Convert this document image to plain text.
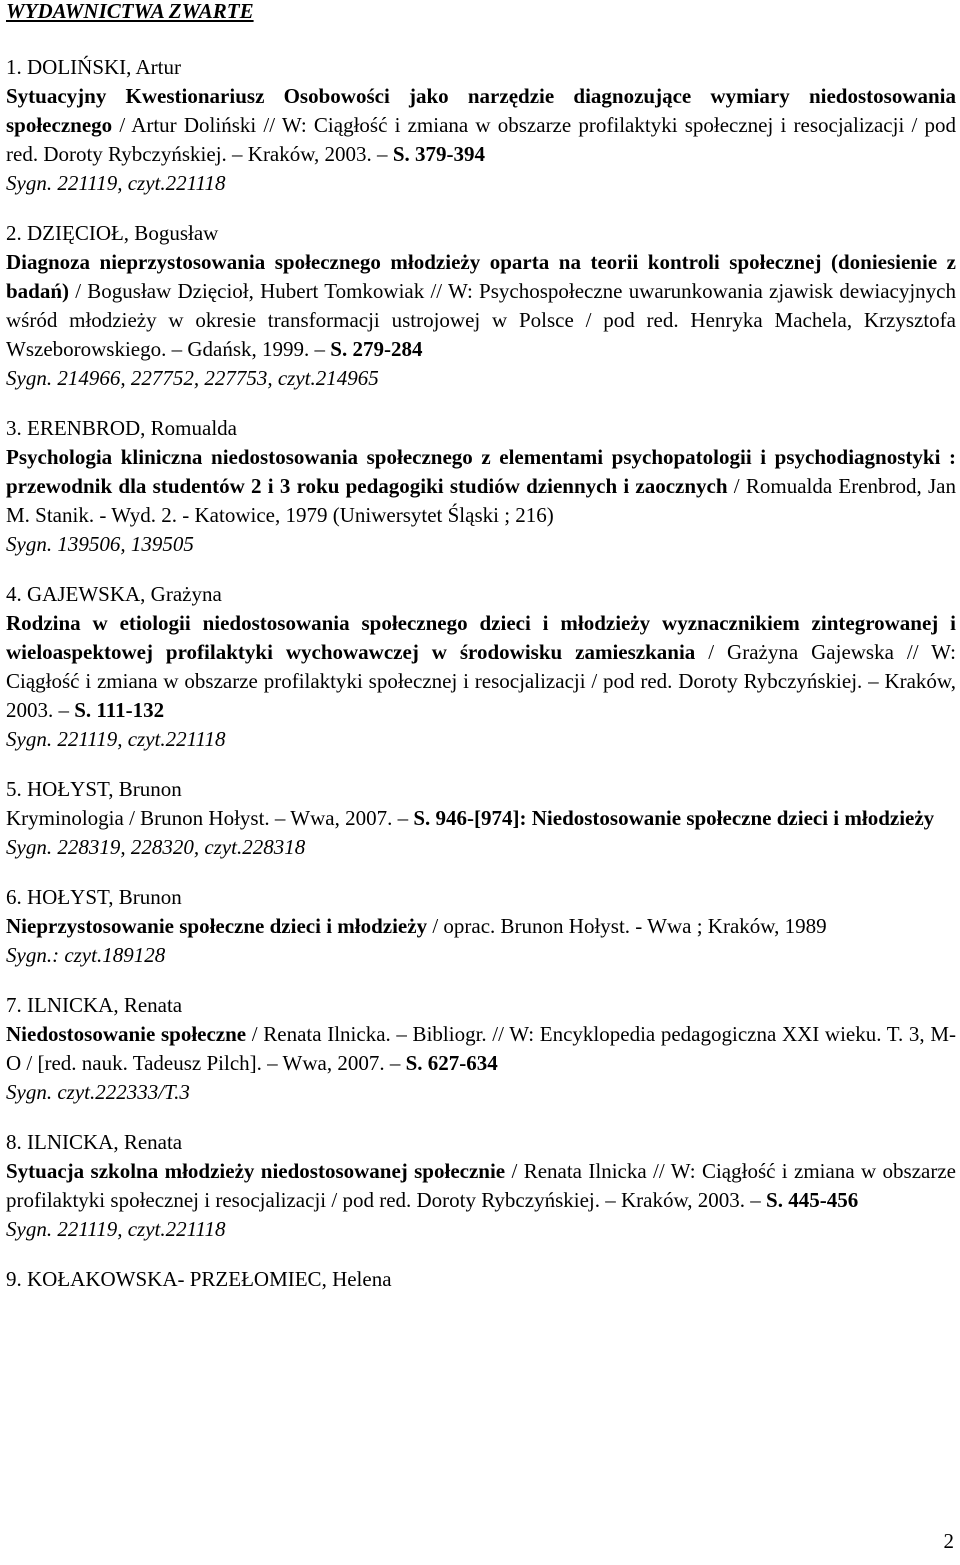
WYDAWNICTWA ZWARTE
1. DOLIŃSKI, Artur
Sytuacyjny Kwestionariusz Osobowości jako narzędzie diagnozujące wymiary niedostosowania społecznego / Artur Doliński // W: Ciągłość i zmiana w obszarze profilaktyki społecznej i resocjalizacji / pod red. Doroty Rybczyńskiej. – Kraków, 2003. – S. 379-394
Sygn. 221119, czyt.221118
2. DZIĘCIOŁ, Bogusław
Diagnoza nieprzystosowania społecznego młodzieży oparta na teorii kontroli społecznej (doniesienie z badań) / Bogusław Dzięcioł, Hubert Tomkowiak // W: Psychospołeczne uwarunkowania zjawisk dewiacyjnych wśród młodzieży w okresie transformacji ustrojowej w Polsce / pod red. Henryka Machela, Krzysztofa Wszeborowskiego. – Gdańsk, 1999. – S. 279-284
Sygn. 214966, 227752, 227753, czyt.214965
3. ERENBROD, Romualda
Psychologia kliniczna niedostosowania społecznego z elementami psychopatologii i psychodiagnostyki : przewodnik dla studentów 2 i 3 roku pedagogiki studiów dziennych i zaocznych / Romualda Erenbrod, Jan M. Stanik. - Wyd. 2. - Katowice, 1979 (Uniwersytet Śląski ; 216)
Sygn. 139506, 139505
4. GAJEWSKA, Grażyna
Rodzina w etiologii niedostosowania społecznego dzieci i młodzieży wyznacznikiem zintegrowanej i wieloaspektowej profilaktyki wychowawczej w środowisku zamieszkania / Grażyna Gajewska // W: Ciągłość i zmiana w obszarze profilaktyki społecznej i resocjalizacji / pod red. Doroty Rybczyńskiej. – Kraków, 2003. – S. 111-132
Sygn. 221119, czyt.221118
5. HOŁYST, Brunon
Kryminologia / Brunon Hołyst. – Wwa, 2007. – S. 946-[974]: Niedostosowanie społeczne dzieci i młodzieży
Sygn. 228319, 228320, czyt.228318
6. HOŁYST, Brunon
Nieprzystosowanie społeczne dzieci i młodzieży / oprac. Brunon Hołyst. - Wwa ; Kraków, 1989
Sygn.: czyt.189128
7. ILNICKA, Renata
Niedostosowanie społeczne / Renata Ilnicka. – Bibliogr. // W: Encyklopedia pedagogiczna XXI wieku. T. 3, M-O / [red. nauk. Tadeusz Pilch]. – Wwa, 2007. – S. 627-634
Sygn. czyt.222333/T.3
8. ILNICKA, Renata
Sytuacja szkolna młodzieży niedostosowanej społecznie / Renata Ilnicka // W: Ciągłość i zmiana w obszarze profilaktyki społecznej i resocjalizacji / pod red. Doroty Rybczyńskiej. – Kraków, 2003. – S. 445-456
Sygn. 221119, czyt.221118
9. KOŁAKOWSKA- PRZEŁOMIEC, Helena
2
